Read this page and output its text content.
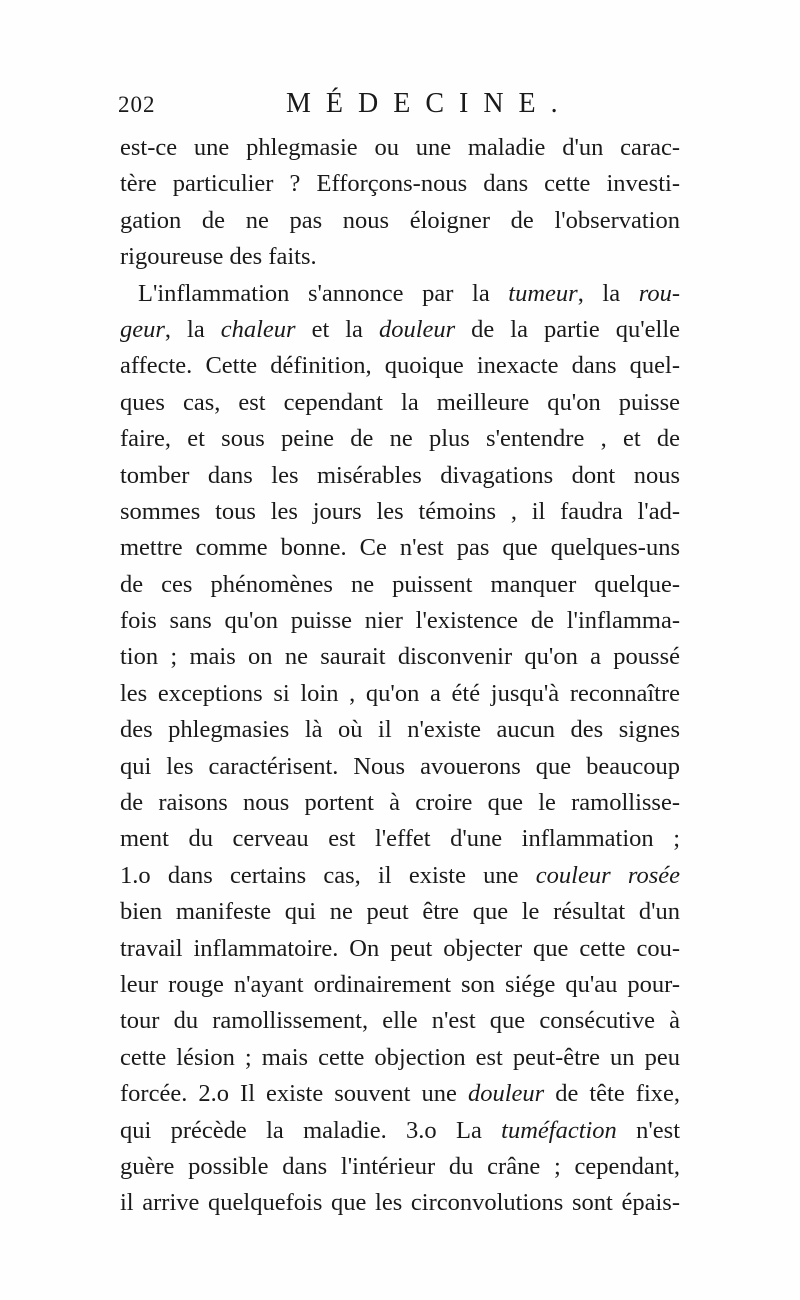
202	MÉDECINE.
est-ce une phlegmasie ou une maladie d'un carac-
tère particulier ? Efforçons-nous dans cette investi-
gation de ne pas nous éloigner de l'observation
rigoureuse des faits.
L'inflammation s'annonce par la tumeur, la rou-
geur, la chaleur et la douleur de la partie qu'elle
affecte. Cette définition, quoique inexacte dans quel-
ques cas, est cependant la meilleure qu'on puisse
faire, et sous peine de ne plus s'entendre , et de
tomber dans les misérables divagations dont nous
sommes tous les jours les témoins , il faudra l'ad-
mettre comme bonne. Ce n'est pas que quelques-uns
de ces phénomènes ne puissent manquer quelque-
fois sans qu'on puisse nier l'existence de l'inflamma-
tion ; mais on ne saurait disconvenir qu'on a poussé
les exceptions si loin , qu'on a été jusqu'à reconnaître
des phlegmasies là où il n'existe aucun des signes
qui les caractérisent. Nous avouerons que beaucoup
de raisons nous portent à croire que le ramollisse-
ment du cerveau est l'effet d'une inflammation ;
1.o dans certains cas, il existe une couleur rosée
bien manifeste qui ne peut être que le résultat d'un
travail inflammatoire. On peut objecter que cette cou-
leur rouge n'ayant ordinairement son siége qu'au pour-
tour du ramollissement, elle n'est que consécutive à
cette lésion ; mais cette objection est peut-être un peu
forcée. 2.o Il existe souvent une douleur de tête fixe,
qui précède la maladie. 3.o La tuméfaction n'est
guère possible dans l'intérieur du crâne ; cependant,
il arrive quelquefois que les circonvolutions sont épais-
